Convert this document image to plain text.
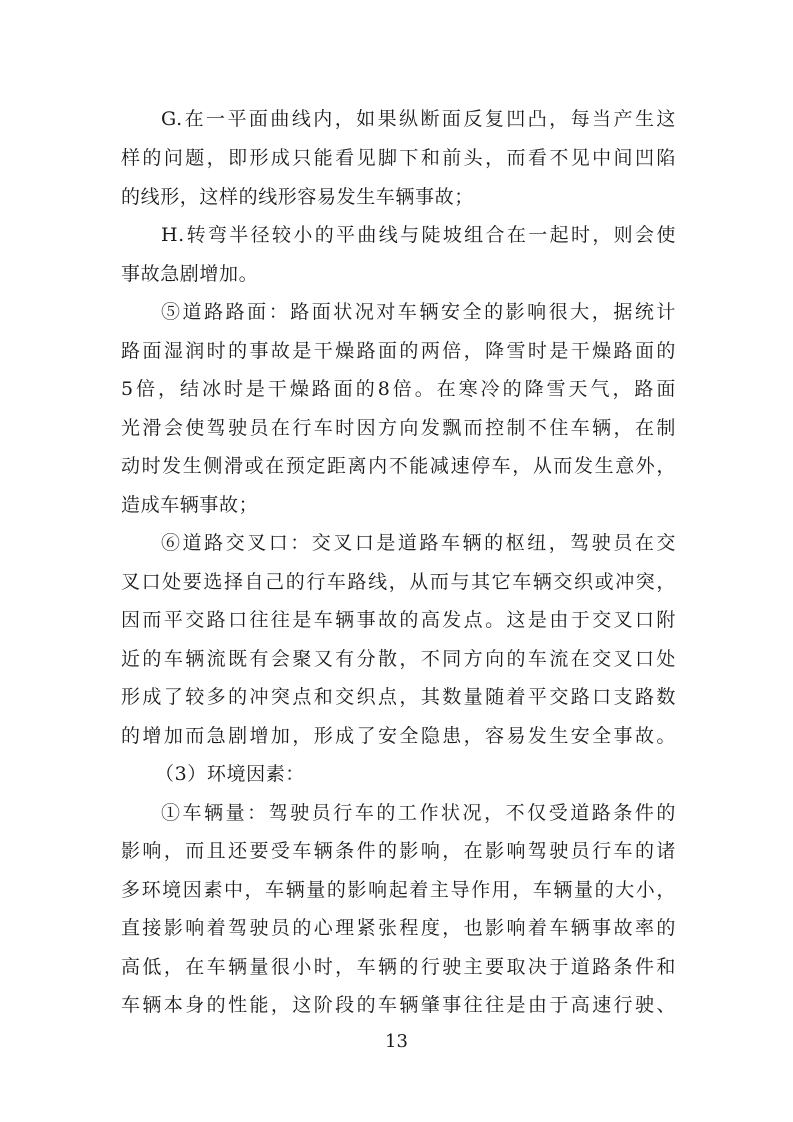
G.在一平面曲线内，如果纵断面反复凹凸，每当产生这
样的问题，即形成只能看见脚下和前头，而看不见中间凹陷
的线形，这样的线形容易发生车辆事故；
H.转弯半径较小的平曲线与陡坡组合在一起时，则会使
事故急剧增加。
⑤道路路面：路面状况对车辆安全的影响很大，据统计
路面湿润时的事故是干燥路面的两倍，降雪时是干燥路面的
5倍，结冰时是干燥路面的8倍。在寒冷的降雪天气，路面
光滑会使驾驶员在行车时因方向发飘而控制不住车辆，在制
动时发生侧滑或在预定距离内不能减速停车，从而发生意外，
造成车辆事故；
⑥道路交叉口：交叉口是道路车辆的枢纽，驾驶员在交
叉口处要选择自己的行车路线，从而与其它车辆交织或冲突，
因而平交路口往往是车辆事故的高发点。这是由于交叉口附
近的车辆流既有会聚又有分散，不同方向的车流在交叉口处
形成了较多的冲突点和交织点，其数量随着平交路口支路数
的增加而急剧增加，形成了安全隐患，容易发生安全事故。
（3）环境因素：
①车辆量：驾驶员行车的工作状况，不仅受道路条件的
影响，而且还要受车辆条件的影响，在影响驾驶员行车的诸
多环境因素中，车辆量的影响起着主导作用，车辆量的大小，
直接影响着驾驶员的心理紧张程度，也影响着车辆事故率的
高低，在车辆量很小时，车辆的行驶主要取决于道路条件和
车辆本身的性能，这阶段的车辆肇事往往是由于高速行驶、
13
